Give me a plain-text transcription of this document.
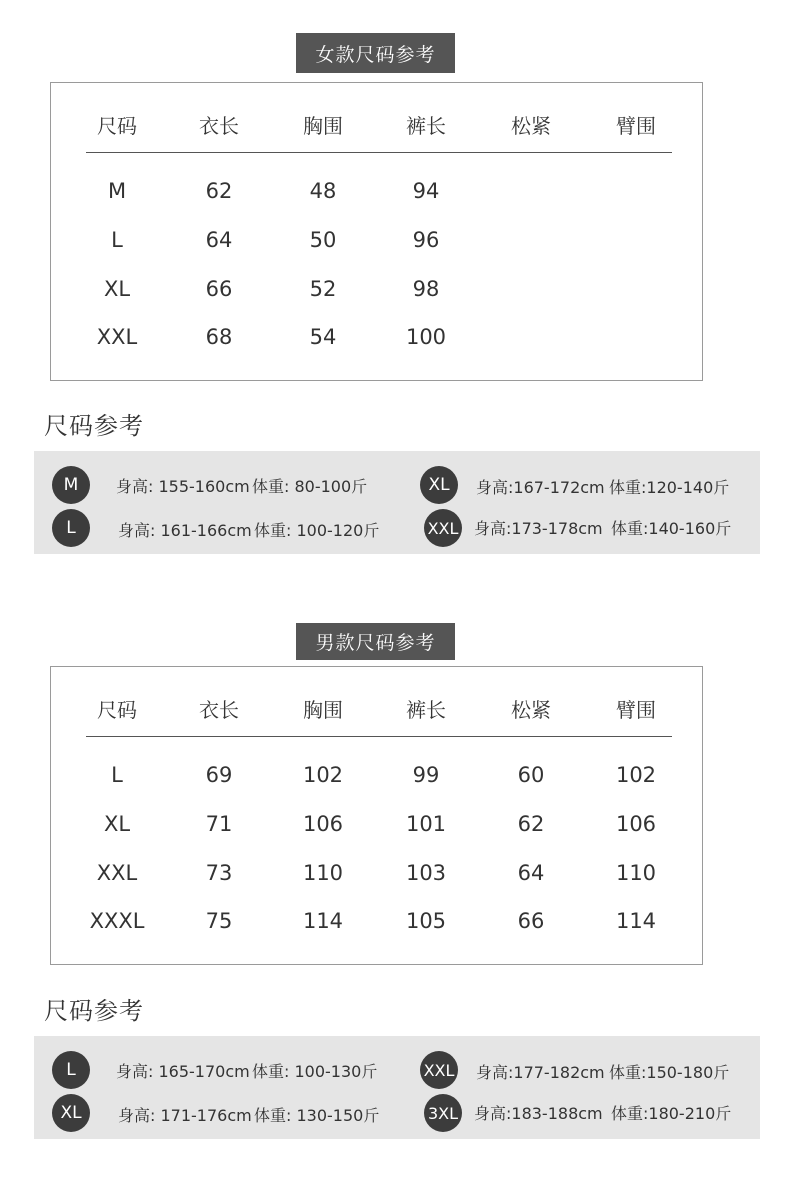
女款尺码参考
尺码	衣长	胸围	裤长	松紧	臂围
M	62	48	94
L	64	50	96
XL	66	52	98
XXL	68	54	100
尺码参考
M	身高: 155-160cm 体重: 80-100斤	XL	身高:167-172cm 体重:120-140斤
L	身高: 161-166cm 体重: 100-120斤	XXL 身高:173-178cm 体重:140-160斤
男款尺码参考
尺码	衣长	胸围	裤长	松紧	臂围
L	69	102	99	60	102
XL	71	106	101	62	106
XXL	73	110	103	64	110
XXXL	75	114	105	66	114
尺码参考
L	身高: 165-170cm 体重: 100-130斤	XXL 身高:177-182cm 体重:150-180斤
XL	身高: 171-176cm 体重: 130-150斤	3XL 身高:183-188cm 体重:180-210斤
